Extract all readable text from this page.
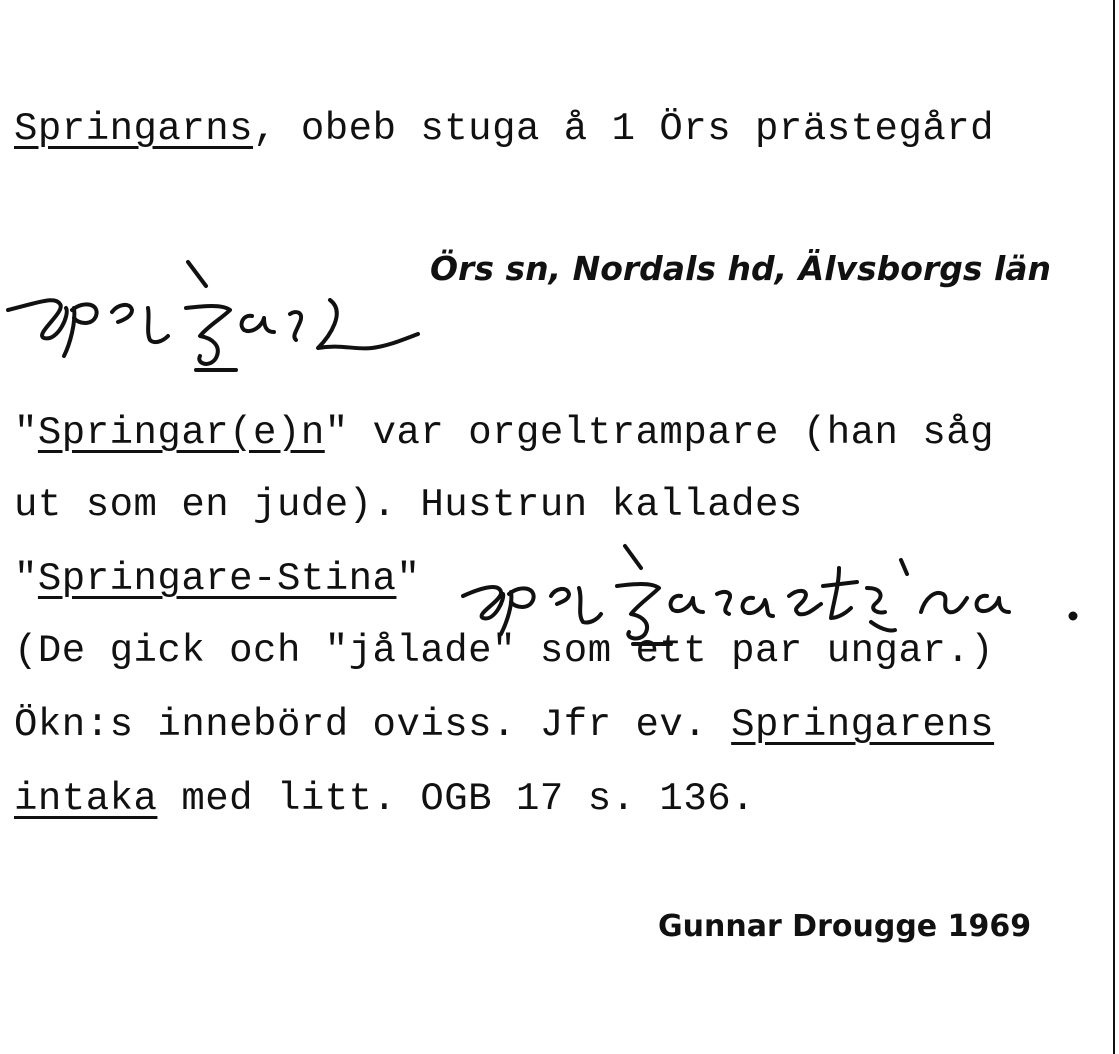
Springarns, obeb stuga å 1 Örs prästegård
Örs sn, Nordals hd, Älvsborgs län
"Springar(e)n" var orgeltrampare (han såg
ut som en jude). Hustrun kallades
"Springare-Stina"
(De gick och "jålade" som ett par ungar.)
Ökn:s innebörd oviss. Jfr ev. Springarens
intaka med litt. OGB 17 s. 136.
Gunnar Drougge 1969
